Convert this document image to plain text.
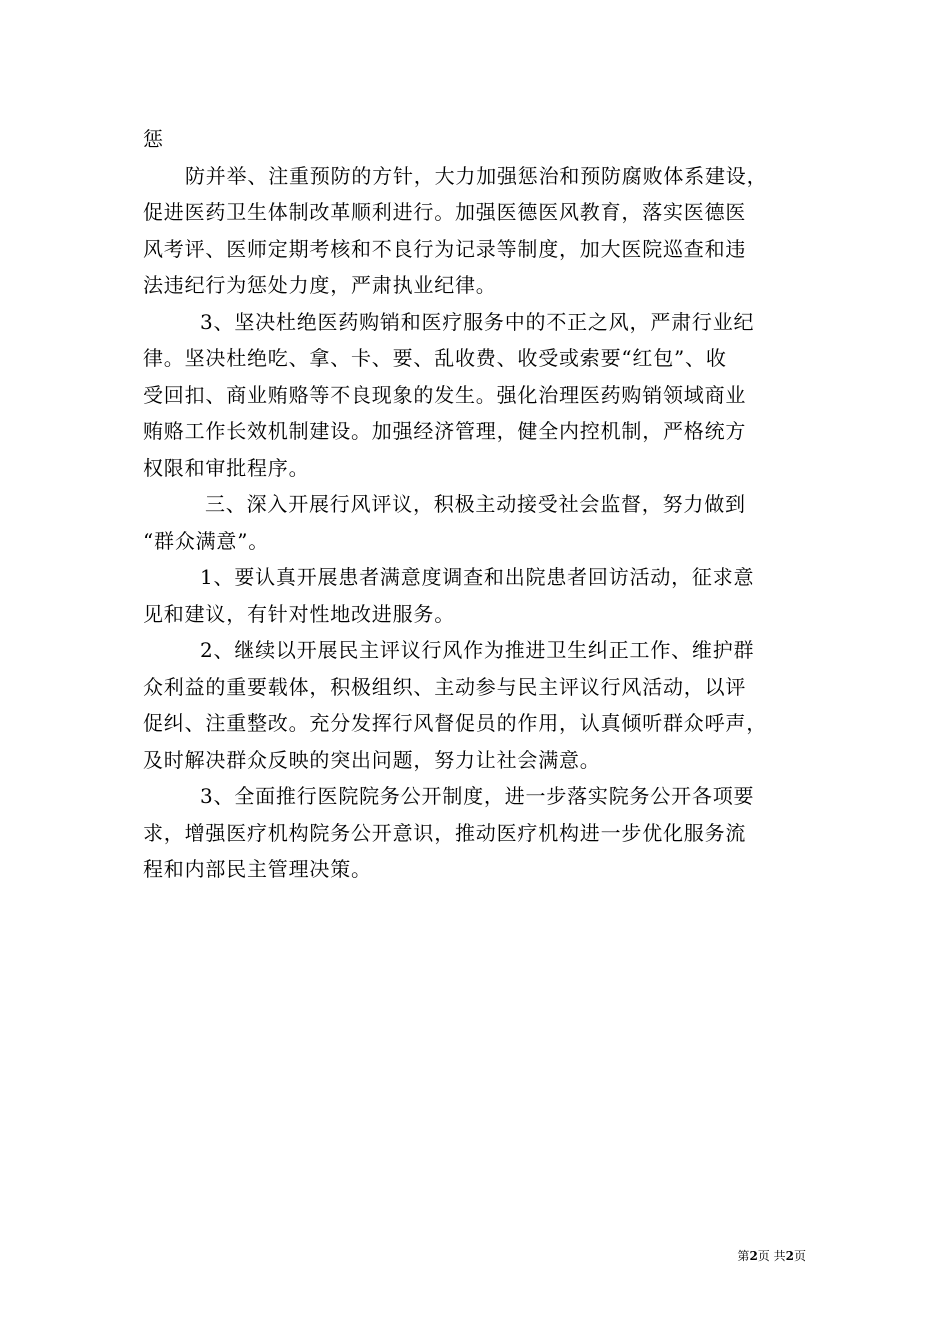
惩

防并举、注重预防的方针，大力加强惩治和预防腐败体系建设，

促进医药卫生体制改革顺利进行。加强医德医风教育，落实医德医

风考评、医师定期考核和不良行为记录等制度，加大医院巡查和违

法违纪行为惩处力度，严肃执业纪律。

3、坚决杜绝医药购销和医疗服务中的不正之风，严肃行业纪

律。坚决杜绝吃、拿、卡、要、乱收费、收受或索要“红包”、收

受回扣、商业贿赂等不良现象的发生。强化治理医药购销领域商业

贿赂工作长效机制建设。加强经济管理，健全内控机制，严格统方

权限和审批程序。

三、深入开展行风评议，积极主动接受社会监督，努力做到

“群众满意”。

1、要认真开展患者满意度调查和出院患者回访活动，征求意

见和建议，有针对性地改进服务。

2、继续以开展民主评议行风作为推进卫生纠正工作、维护群

众利益的重要载体，积极组织、主动参与民主评议行风活动，以评

促纠、注重整改。充分发挥行风督促员的作用，认真倾听群众呼声，

及时解决群众反映的突出问题，努力让社会满意。

3、全面推行医院院务公开制度，进一步落实院务公开各项要

求，增强医疗机构院务公开意识，推动医疗机构进一步优化服务流

程和内部民主管理决策。

第2页 共2页
